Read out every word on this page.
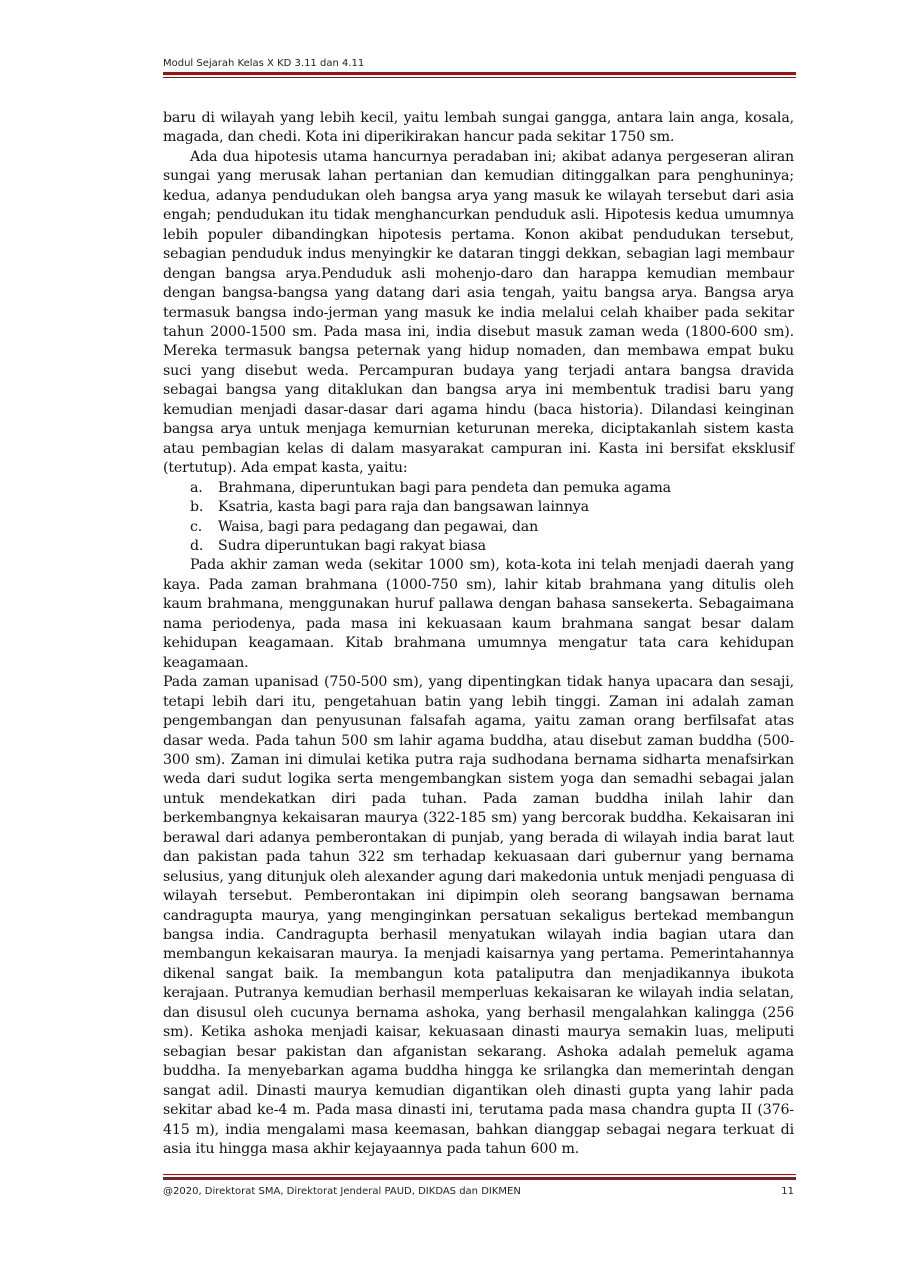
Modul Sejarah Kelas X KD 3.11 dan 4.11

baru di wilayah yang lebih kecil, yaitu lembah sungai gangga, antara lain anga, kosala, magada, dan chedi. Kota ini diperikirakan hancur pada sekitar 1750 sm.

Ada dua hipotesis utama hancurnya peradaban ini; akibat adanya pergeseran aliran sungai yang merusak lahan pertanian dan kemudian ditinggalkan para penghuninya; kedua, adanya pendudukan oleh bangsa arya yang masuk ke wilayah tersebut dari asia engah; pendudukan itu tidak menghancurkan penduduk asli. Hipotesis kedua umumnya lebih populer dibandingkan hipotesis pertama. Konon akibat pendudukan tersebut, sebagian penduduk indus menyingkir ke dataran tinggi dekkan, sebagian lagi membaur dengan bangsa arya.Penduduk asli mohenjo-daro dan harappa kemudian membaur dengan bangsa-bangsa yang datang dari asia tengah, yaitu bangsa arya. Bangsa arya termasuk bangsa indo-jerman yang masuk ke india melalui celah khaiber pada sekitar tahun 2000-1500 sm. Pada masa ini, india disebut masuk zaman weda (1800-600 sm). Mereka termasuk bangsa peternak yang hidup nomaden, dan membawa empat buku suci yang disebut weda. Percampuran budaya yang terjadi antara bangsa dravida sebagai bangsa yang ditaklukan dan bangsa arya ini membentuk tradisi baru yang kemudian menjadi dasar-dasar dari agama hindu (baca historia). Dilandasi keinginan bangsa arya untuk menjaga kemurnian keturunan mereka, diciptakanlah sistem kasta atau pembagian kelas di dalam masyarakat campuran ini. Kasta ini bersifat eksklusif (tertutup). Ada empat kasta, yaitu:

a. Brahmana, diperuntukan bagi para pendeta dan pemuka agama
b. Ksatria, kasta bagi para raja dan bangsawan lainnya
c. Waisa, bagi para pedagang dan pegawai, dan
d. Sudra diperuntukan bagi rakyat biasa

Pada akhir zaman weda (sekitar 1000 sm), kota-kota ini telah menjadi daerah yang kaya. Pada zaman brahmana (1000-750 sm), lahir kitab brahmana yang ditulis oleh kaum brahmana, menggunakan huruf pallawa dengan bahasa sansekerta. Sebagaimana nama periodenya, pada masa ini kekuasaan kaum brahmana sangat besar dalam kehidupan keagamaan. Kitab brahmana umumnya mengatur tata cara kehidupan keagamaan.

Pada zaman upanisad (750-500 sm), yang dipentingkan tidak hanya upacara dan sesaji, tetapi lebih dari itu, pengetahuan batin yang lebih tinggi. Zaman ini adalah zaman pengembangan dan penyusunan falsafah agama, yaitu zaman orang berfilsafat atas dasar weda. Pada tahun 500 sm lahir agama buddha, atau disebut zaman buddha (500-300 sm). Zaman ini dimulai ketika putra raja sudhodana bernama sidharta menafsirkan weda dari sudut logika serta mengembangkan sistem yoga dan semadhi sebagai jalan untuk mendekatkan diri pada tuhan. Pada zaman buddha inilah lahir dan berkembangnya kekaisaran maurya (322-185 sm) yang bercorak buddha. Kekaisaran ini berawal dari adanya pemberontakan di punjab, yang berada di wilayah india barat laut dan pakistan pada tahun 322 sm terhadap kekuasaan dari gubernur yang bernama selusius, yang ditunjuk oleh alexander agung dari makedonia untuk menjadi penguasa di wilayah tersebut. Pemberontakan ini dipimpin oleh seorang bangsawan bernama candragupta maurya, yang menginginkan persatuan sekaligus bertekad membangun bangsa india. Candragupta berhasil menyatukan wilayah india bagian utara dan membangun kekaisaran maurya. Ia menjadi kaisarnya yang pertama. Pemerintahannya dikenal sangat baik. Ia membangun kota pataliputra dan menjadikannya ibukota kerajaan. Putranya kemudian berhasil memperluas kekaisaran ke wilayah india selatan, dan disusul oleh cucunya bernama ashoka, yang berhasil mengalahkan kalingga (256 sm). Ketika ashoka menjadi kaisar, kekuasaan dinasti maurya semakin luas, meliputi sebagian besar pakistan dan afganistan sekarang. Ashoka adalah pemeluk agama buddha. Ia menyebarkan agama buddha hingga ke srilangka dan memerintah dengan sangat adil. Dinasti maurya kemudian digantikan oleh dinasti gupta yang lahir pada sekitar abad ke-4 m. Pada masa dinasti ini, terutama pada masa chandra gupta II (376-415 m), india mengalami masa keemasan, bahkan dianggap sebagai negara terkuat di asia itu hingga masa akhir kejayaannya pada tahun 600 m.

@2020, Direktorat SMA, Direktorat Jenderal PAUD, DIKDAS dan DIKMEN	11
